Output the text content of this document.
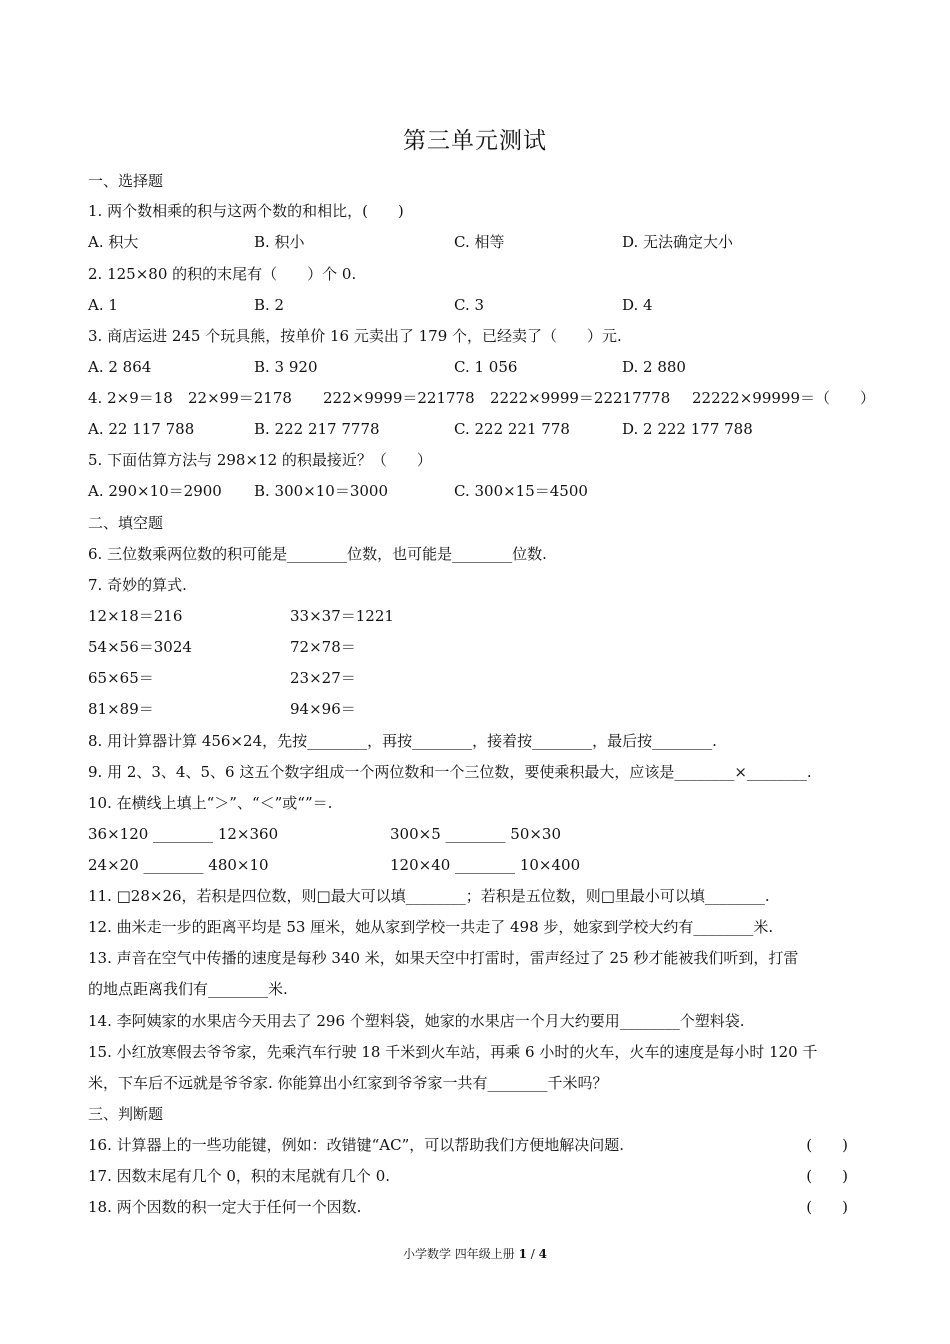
第三单元测试
一、选择题
1. 两个数相乘的积与这两个数的和相比，(　　)
A. 积大	B. 积小	C. 相等	D. 无法确定大小
2. 125×80 的积的末尾有（　　）个 0.
A. 1	B. 2	C. 3	D. 4
3. 商店运进 245 个玩具熊，按单价 16 元卖出了 179 个，已经卖了（　　）元.
A. 2 864	B. 3 920	C. 1 056	D. 2 880
4. 2×9＝18 22×99＝2178 222×9999＝221778 2222×9999＝22217778 22222×99999＝（　　）
A. 22 117 788	B. 222 217 7778	C. 222 221 778	D. 2 222 177 788
5. 下面估算方法与 298×12 的积最接近？（　　）
A. 290×10＝2900 B. 300×10＝3000	C. 300×15＝4500
二、填空题
6. 三位数乘两位数的积可能是________位数，也可能是________位数.
7. 奇妙的算式.
12×18＝216	33×37＝1221
54×56＝3024	72×78＝
65×65＝	23×27＝
81×89＝	94×96＝
8. 用计算器计算 456×24，先按________，再按________，接着按________，最后按________.
9. 用 2、3、4、5、6 这五个数字组成一个两位数和一个三位数，要使乘积最大，应该是________×________.
10. 在横线上填上“＞”、“＜”或“”＝.
36×120 ________ 12×360	300×5 ________ 50×30
24×20 ________ 480×10	120×40 ________ 10×400
11. □28×26，若积是四位数，则□最大可以填________；若积是五位数，则□里最小可以填________.
12. 曲米走一步的距离平均是 53 厘米，她从家到学校一共走了 498 步，她家到学校大约有________米.
13. 声音在空气中传播的速度是每秒 340 米，如果天空中打雷时，雷声经过了 25 秒才能被我们听到，打雷
的地点距离我们有________米.
14. 李阿姨家的水果店今天用去了 296 个塑料袋，她家的水果店一个月大约要用________个塑料袋.
15. 小红放寒假去爷爷家，先乘汽车行驶 18 千米到火车站，再乘 6 小时的火车，火车的速度是每小时 120 千
米，下车后不远就是爷爷家. 你能算出小红家到爷爷家一共有________千米吗？
三、判断题
16. 计算器上的一些功能键，例如：改错键“AC”，可以帮助我们方便地解决问题.	(　　)
17. 因数末尾有几个 0，积的末尾就有几个 0.	(　　)
18. 两个因数的积一定大于任何一个因数.	(　　)
小学数学 四年级上册 1 / 4
